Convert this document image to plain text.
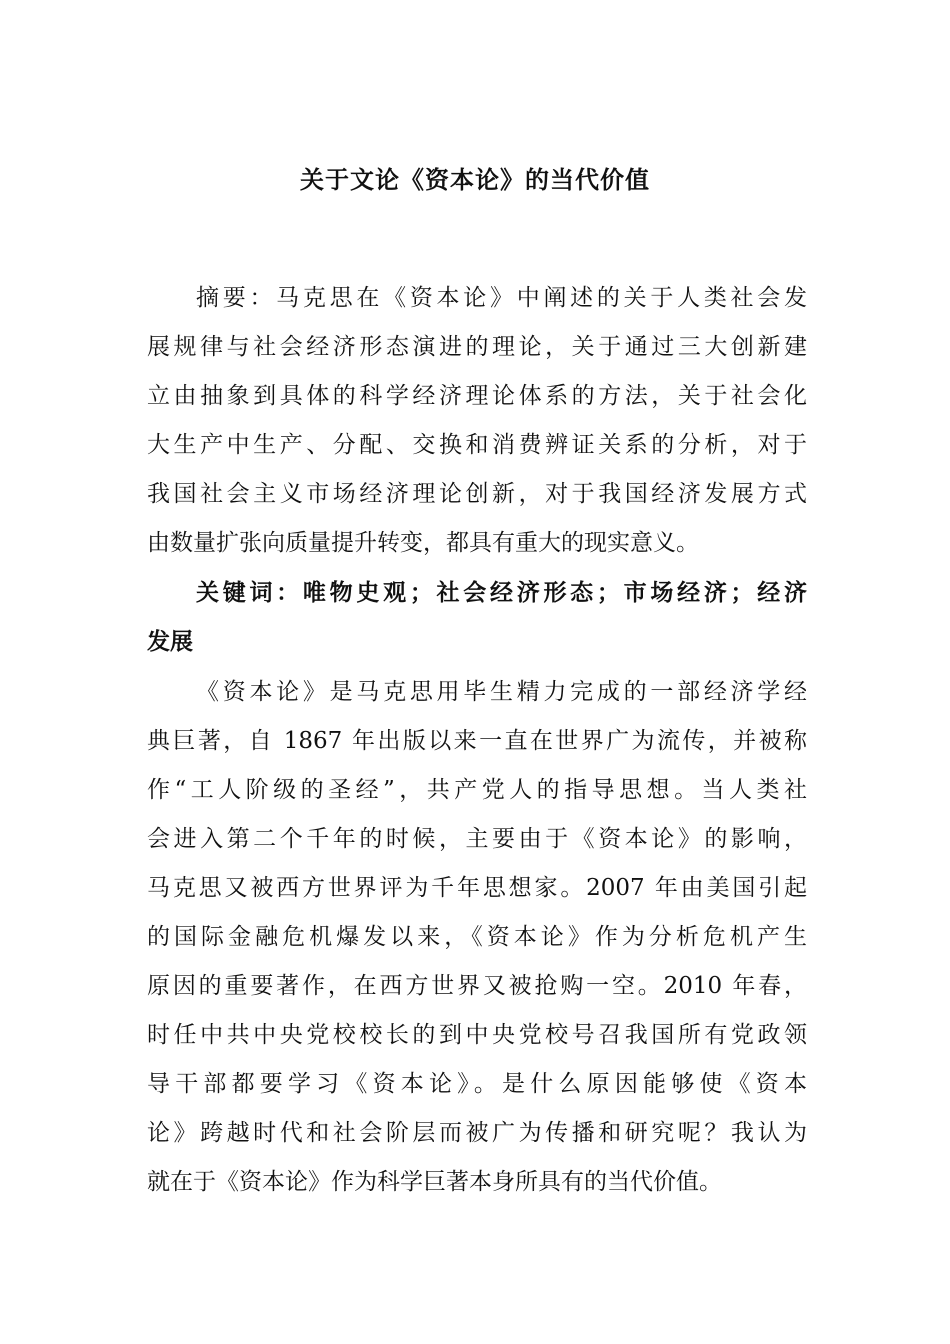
关于文论《资本论》的当代价值
摘要：马克思在《资本论》中阐述的关于人类社会发
展规律与社会经济形态演进的理论，关于通过三大创新建
立由抽象到具体的科学经济理论体系的方法，关于社会化
大生产中生产、分配、交换和消费辨证关系的分析，对于
我国社会主义市场经济理论创新，对于我国经济发展方式
由数量扩张向质量提升转变，都具有重大的现实意义。
关键词：唯物史观；社会经济形态；市场经济；经济
发展
《资本论》是马克思用毕生精力完成的一部经济学经
典巨著，自 1867 年出版以来一直在世界广为流传，并被称
作“工人阶级的圣经”，共产党人的指导思想。当人类社
会进入第二个千年的时候，主要由于《资本论》的影响，
马克思又被西方世界评为千年思想家。2007 年由美国引起
的国际金融危机爆发以来，《资本论》作为分析危机产生
原因的重要著作，在西方世界又被抢购一空。2010 年春，
时任中共中央党校校长的到中央党校号召我国所有党政领
导干部都要学习《资本论》。是什么原因能够使《资本
论》跨越时代和社会阶层而被广为传播和研究呢？我认为
就在于《资本论》作为科学巨著本身所具有的当代价值。
